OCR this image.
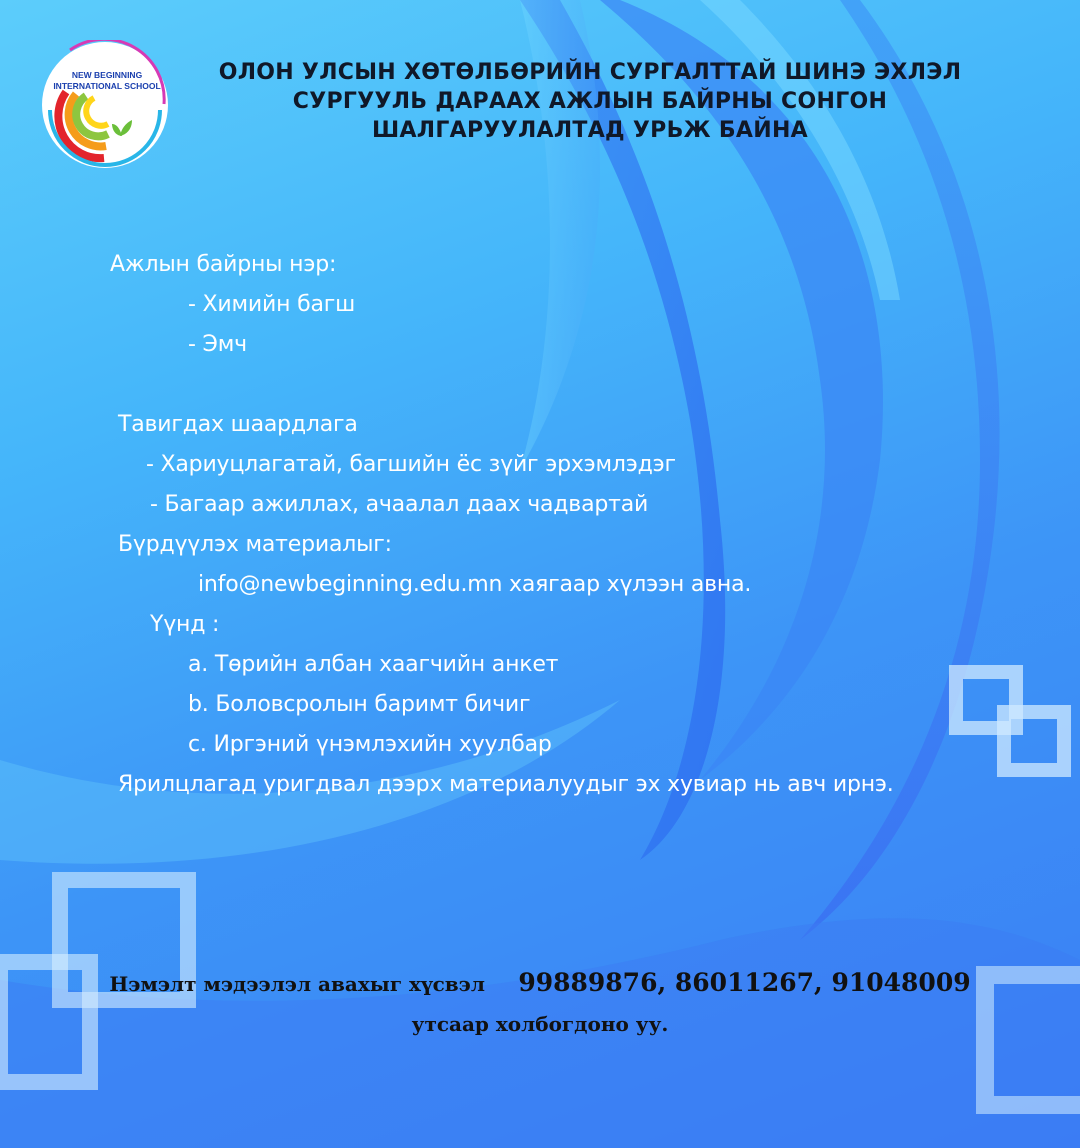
NEW BEGINNING
INTERNATIONAL SCHOOL
ОЛОН УЛСЫН ХӨТӨЛБӨРИЙН СУРГАЛТТАЙ ШИНЭ ЭХЛЭЛ
СУРГУУЛЬ ДАРААХ АЖЛЫН БАЙРНЫ СОНГОН
ШАЛГАРУУЛАЛТАД УРЬЖ БАЙНА
Ажлын байрны нэр:
- Химийн багш
- Эмч
Тавигдах шаардлага
- Хариуцлагатай, багшийн ёс зүйг эрхэмлэдэг
- Багаар ажиллах, ачаалал даах чадвартай
Бүрдүүлэх материалыг:
info@newbeginning.edu.mn хаягаар хүлээн авна.
Үүнд :
a. Төрийн албан хаагчийн анкет
b. Боловсролын баримт бичиг
c. Иргэний үнэмлэхийн хуулбар
Ярилцлагад уригдвал дээрх материалуудыг эх хувиар нь авч ирнэ.
Нэмэлт мэдээлэл авахыг хүсвэл 99889876, 86011267, 91048009
утсаар холбогдоно уу.
